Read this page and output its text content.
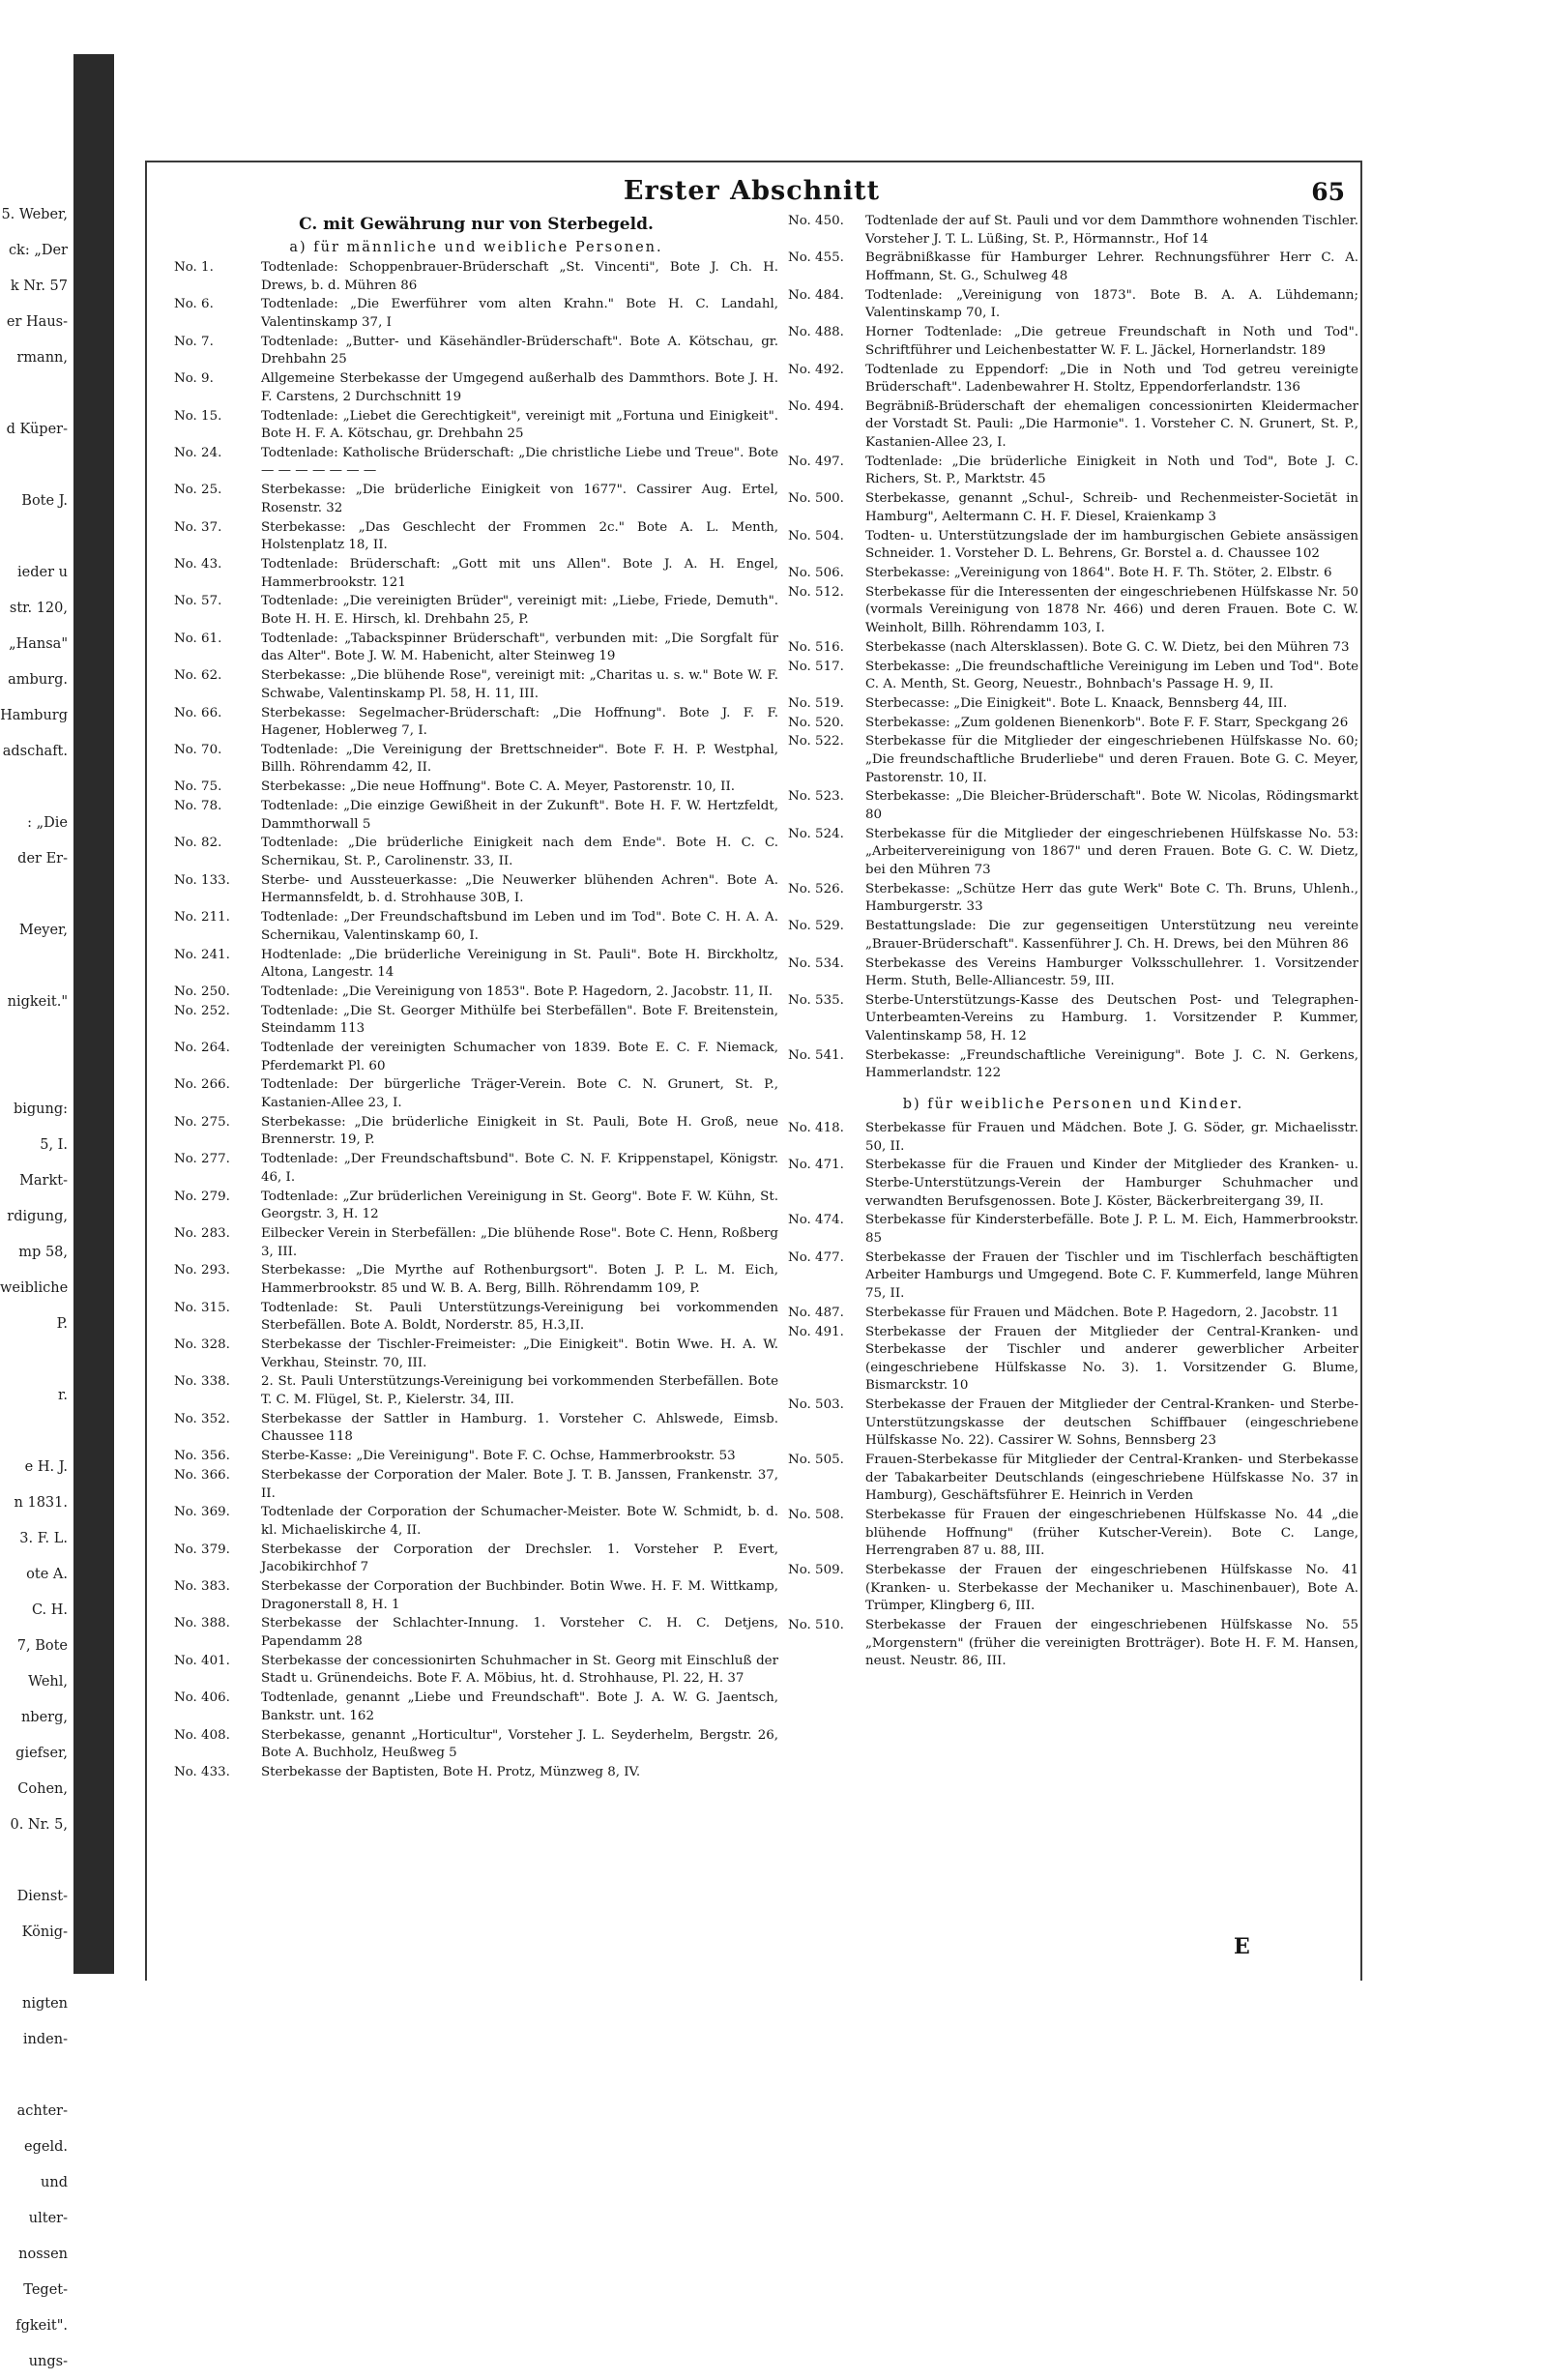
5. Weber,
ck: „Der
k Nr. 57
er Haus-
rmann,
d Küper-
Bote J.
ieder u
str. 120,
„Hansa"
amburg.
Hamburg
adschaft.
: „Die
der Er-
Meyer,
nigkeit."
bigung:
5, I.
Markt-
rdigung,
mp 58,
weibliche
P.
r.
e H. J.
n 1831.
3. F. L.
ote A.
C. H.
7, Bote
Wehl,
nberg,
giefser,
Cohen,
0. Nr. 5,
Dienst-
König-
nigten
inden-
achter-
egeld.
und
ulter-
nossen
Teget-
fgkeit".
ungs-
Erster Abschnitt	65
C. mit Gewährung nur von Sterbegeld.
a) für männliche und weibliche Personen.
No. 1.	Todtenlade: Schoppenbrauer-Brüderschaft „St. Vincenti", Bote J. Ch. H. Drews, b. d. Mühren 86
No. 6.	Todtenlade: „Die Ewerführer vom alten Krahn." Bote H. C. Landahl, Valentinskamp 37, I
No. 7.	Todtenlade: „Butter- und Käsehändler-Brüderschaft". Bote A. Kötschau, gr. Drehbahn 25
No. 9.	Allgemeine Sterbekasse der Umgegend außerhalb des Dammthors. Bote J. H. F. Carstens, 2 Durchschnitt 19
No. 15.	Todtenlade: „Liebet die Gerechtigkeit", vereinigt mit „Fortuna und Einigkeit". Bote H. F. A. Kötschau, gr. Drehbahn 25
No. 24.	Todtenlade: Katholische Brüderschaft: „Die christliche Liebe und Treue". Bote — — — — — — —
No. 25.	Sterbekasse: „Die brüderliche Einigkeit von 1677". Cassirer Aug. Ertel, Rosenstr. 32
No. 37.	Sterbekasse: „Das Geschlecht der Frommen 2c." Bote A. L. Menth, Holstenplatz 18, II.
No. 43.	Todtenlade: Brüderschaft: „Gott mit uns Allen". Bote J. A. H. Engel, Hammerbrookstr. 121
No. 57.	Todtenlade: „Die vereinigten Brüder", vereinigt mit: „Liebe, Friede, Demuth". Bote H. H. E. Hirsch, kl. Drehbahn 25, P.
No. 61.	Todtenlade: „Tabackspinner Brüderschaft", verbunden mit: „Die Sorgfalt für das Alter". Bote J. W. M. Habenicht, alter Steinweg 19
No. 62.	Sterbekasse: „Die blühende Rose", vereinigt mit: „Charitas u. s. w." Bote W. F. Schwabe, Valentinskamp Pl. 58, H. 11, III.
No. 66.	Sterbekasse: Segelmacher-Brüderschaft: „Die Hoffnung". Bote J. F. F. Hagener, Hoblerweg 7, I.
No. 70.	Todtenlade: „Die Vereinigung der Brettschneider". Bote F. H. P. Westphal, Billh. Röhrendamm 42, II.
No. 75.	Sterbekasse: „Die neue Hoffnung". Bote C. A. Meyer, Pastorenstr. 10, II.
No. 78.	Todtenlade: „Die einzige Gewißheit in der Zukunft". Bote H. F. W. Hertzfeldt, Dammthorwall 5
No. 82.	Todtenlade: „Die brüderliche Einigkeit nach dem Ende". Bote H. C. C. Schernikau, St. P., Carolinenstr. 33, II.
No. 133.	Sterbe- und Aussteuerkasse: „Die Neuwerker blühenden Achren". Bote A. Hermannsfeldt, b. d. Strohhause 30B, I.
No. 211.	Todtenlade: „Der Freundschaftsbund im Leben und im Tod". Bote C. H. A. A. Schernikau, Valentinskamp 60, I.
No. 241.	Hodtenlade: „Die brüderliche Vereinigung in St. Pauli". Bote H. Birckholtz, Altona, Langestr. 14
No. 250.	Todtenlade: „Die Vereinigung von 1853". Bote P. Hagedorn, 2. Jacobstr. 11, II.
No. 252.	Todtenlade: „Die St. Georger Mithülfe bei Sterbefällen". Bote F. Breitenstein, Steindamm 113
No. 264.	Todtenlade der vereinigten Schumacher von 1839. Bote E. C. F. Niemack, Pferdemarkt Pl. 60
No. 266.	Todtenlade: Der bürgerliche Träger-Verein. Bote C. N. Grunert, St. P., Kastanien-Allee 23, I.
No. 275.	Sterbekasse: „Die brüderliche Einigkeit in St. Pauli, Bote H. Groß, neue Brennerstr. 19, P.
No. 277.	Todtenlade: „Der Freundschaftsbund". Bote C. N. F. Krippenstapel, Königstr. 46, I.
No. 279.	Todtenlade: „Zur brüderlichen Vereinigung in St. Georg". Bote F. W. Kühn, St. Georgstr. 3, H. 12
No. 283.	Eilbecker Verein in Sterbefällen: „Die blühende Rose". Bote C. Henn, Roßberg 3, III.
No. 293.	Sterbekasse: „Die Myrthe auf Rothenburgsort". Boten J. P. L. M. Eich, Hammerbrookstr. 85 und W. B. A. Berg, Billh. Röhrendamm 109, P.
No. 315.	Todtenlade: St. Pauli Unterstützungs-Vereinigung bei vorkommenden Sterbefällen. Bote A. Boldt, Norderstr. 85, H.3,II.
No. 328.	Sterbekasse der Tischler-Freimeister: „Die Einigkeit". Botin Wwe. H. A. W. Verkhau, Steinstr. 70, III.
No. 338.	2. St. Pauli Unterstützungs-Vereinigung bei vorkommenden Sterbefällen. Bote T. C. M. Flügel, St. P., Kielerstr. 34, III.
No. 352.	Sterbekasse der Sattler in Hamburg. 1. Vorsteher C. Ahlswede, Eimsb. Chaussee 118
No. 356.	Sterbe-Kasse: „Die Vereinigung". Bote F. C. Ochse, Hammerbrookstr. 53
No. 366.	Sterbekasse der Corporation der Maler. Bote J. T. B. Janssen, Frankenstr. 37, II.
No. 369.	Todtenlade der Corporation der Schumacher-Meister. Bote W. Schmidt, b. d. kl. Michaeliskirche 4, II.
No. 379.	Sterbekasse der Corporation der Drechsler. 1. Vorsteher P. Evert, Jacobikirchhof 7
No. 383.	Sterbekasse der Corporation der Buchbinder. Botin Wwe. H. F. M. Wittkamp, Dragonerstall 8, H. 1
No. 388.	Sterbekasse der Schlachter-Innung. 1. Vorsteher C. H. C. Detjens, Papendamm 28
No. 401.	Sterbekasse der concessionirten Schuhmacher in St. Georg mit Einschluß der Stadt u. Grünendeichs. Bote F. A. Möbius, ht. d. Strohhause, Pl. 22, H. 37
No. 406.	Todtenlade, genannt „Liebe und Freundschaft". Bote J. A. W. G. Jaentsch, Bankstr. unt. 162
No. 408.	Sterbekasse, genannt „Horticultur", Vorsteher J. L. Seyderhelm, Bergstr. 26, Bote A. Buchholz, Heußweg 5
No. 433.	Sterbekasse der Baptisten, Bote H. Protz, Münzweg 8, IV.
No. 450.	Todtenlade der auf St. Pauli und vor dem Dammthore wohnenden Tischler. Vorsteher J. T. L. Lüßing, St. P., Hörmannstr., Hof 14
No. 455.	Begräbnißkasse für Hamburger Lehrer. Rechnungsführer Herr C. A. Hoffmann, St. G., Schulweg 48
No. 484.	Todtenlade: „Vereinigung von 1873". Bote B. A. A. Lühdemann; Valentinskamp 70, I.
No. 488.	Horner Todtenlade: „Die getreue Freundschaft in Noth und Tod". Schriftführer und Leichenbestatter W. F. L. Jäckel, Hornerlandstr. 189
No. 492.	Todtenlade zu Eppendorf: „Die in Noth und Tod getreu vereinigte Brüderschaft". Ladenbewahrer H. Stoltz, Eppendorferlandstr. 136
No. 494.	Begräbniß-Brüderschaft der ehemaligen concessionirten Kleidermacher der Vorstadt St. Pauli: „Die Harmonie". 1. Vorsteher C. N. Grunert, St. P., Kastanien-Allee 23, I.
No. 497.	Todtenlade: „Die brüderliche Einigkeit in Noth und Tod", Bote J. C. Richers, St. P., Marktstr. 45
No. 500.	Sterbekasse, genannt „Schul-, Schreib- und Rechenmeister-Societät in Hamburg", Aeltermann C. H. F. Diesel, Kraienkamp 3
No. 504.	Todten- u. Unterstützungslade der im hamburgischen Gebiete ansässigen Schneider. 1. Vorsteher D. L. Behrens, Gr. Borstel a. d. Chaussee 102
No. 506.	Sterbekasse: „Vereinigung von 1864". Bote H. F. Th. Stöter, 2. Elbstr. 6
No. 512.	Sterbekasse für die Interessenten der eingeschriebenen Hülfskasse Nr. 50 (vormals Vereinigung von 1878 Nr. 466) und deren Frauen. Bote C. W. Weinholt, Billh. Röhrendamm 103, I.
No. 516.	Sterbekasse (nach Altersklassen). Bote G. C. W. Dietz, bei den Mühren 73
No. 517.	Sterbekasse: „Die freundschaftliche Vereinigung im Leben und Tod". Bote C. A. Menth, St. Georg, Neuestr., Bohnbach's Passage H. 9, II.
No. 519.	Sterbecasse: „Die Einigkeit". Bote L. Knaack, Bennsberg 44, III.
No. 520.	Sterbekasse: „Zum goldenen Bienenkorb". Bote F. F. Starr, Speckgang 26
No. 522.	Sterbekasse für die Mitglieder der eingeschriebenen Hülfskasse No. 60; „Die freundschaftliche Bruderliebe" und deren Frauen. Bote G. C. Meyer, Pastorenstr. 10, II.
No. 523.	Sterbekasse: „Die Bleicher-Brüderschaft". Bote W. Nicolas, Rödingsmarkt 80
No. 524.	Sterbekasse für die Mitglieder der eingeschriebenen Hülfskasse No. 53: „Arbeitervereinigung von 1867" und deren Frauen. Bote G. C. W. Dietz, bei den Mühren 73
No. 526.	Sterbekasse: „Schütze Herr das gute Werk" Bote C. Th. Bruns, Uhlenh., Hamburgerstr. 33
No. 529.	Bestattungslade: Die zur gegenseitigen Unterstützung neu vereinte „Brauer-Brüderschaft". Kassenführer J. Ch. H. Drews, bei den Mühren 86
No. 534.	Sterbekasse des Vereins Hamburger Volksschullehrer. 1. Vorsitzender Herm. Stuth, Belle-Alliancestr. 59, III.
No. 535.	Sterbe-Unterstützungs-Kasse des Deutschen Post- und Telegraphen-Unterbeamten-Vereins zu Hamburg. 1. Vorsitzender P. Kummer, Valentinskamp 58, H. 12
No. 541.	Sterbekasse: „Freundschaftliche Vereinigung". Bote J. C. N. Gerkens, Hammerlandstr. 122
b) für weibliche Personen und Kinder.
No. 418.	Sterbekasse für Frauen und Mädchen. Bote J. G. Söder, gr. Michaelisstr. 50, II.
No. 471.	Sterbekasse für die Frauen und Kinder der Mitglieder des Kranken- u. Sterbe-Unterstützungs-Verein der Hamburger Schuhmacher und verwandten Berufsgenossen. Bote J. Köster, Bäckerbreitergang 39, II.
No. 474.	Sterbekasse für Kindersterbefälle. Bote J. P. L. M. Eich, Hammerbrookstr. 85
No. 477.	Sterbekasse der Frauen der Tischler und im Tischlerfach beschäftigten Arbeiter Hamburgs und Umgegend. Bote C. F. Kummerfeld, lange Mühren 75, II.
No. 487.	Sterbekasse für Frauen und Mädchen. Bote P. Hagedorn, 2. Jacobstr. 11
No. 491.	Sterbekasse der Frauen der Mitglieder der Central-Kranken- und Sterbekasse der Tischler und anderer gewerblicher Arbeiter (eingeschriebene Hülfskasse No. 3). 1. Vorsitzender G. Blume, Bismarckstr. 10
No. 503.	Sterbekasse der Frauen der Mitglieder der Central-Kranken- und Sterbe-Unterstützungskasse der deutschen Schiffbauer (eingeschriebene Hülfskasse No. 22). Cassirer W. Sohns, Bennsberg 23
No. 505.	Frauen-Sterbekasse für Mitglieder der Central-Kranken- und Sterbekasse der Tabakarbeiter Deutschlands (eingeschriebene Hülfskasse No. 37 in Hamburg), Geschäftsführer E. Heinrich in Verden
No. 508.	Sterbekasse für Frauen der eingeschriebenen Hülfskasse No. 44 „die blühende Hoffnung" (früher Kutscher-Verein). Bote C. Lange, Herrengraben 87 u. 88, III.
No. 509.	Sterbekasse der Frauen der eingeschriebenen Hülfskasse No. 41 (Kranken- u. Sterbekasse der Mechaniker u. Maschinenbauer), Bote A. Trümper, Klingberg 6, III.
No. 510.	Sterbekasse der Frauen der eingeschriebenen Hülfskasse No. 55 „Morgenstern" (früher die vereinigten Brotträger). Bote H. F. M. Hansen, neust. Neustr. 86, III.
E
